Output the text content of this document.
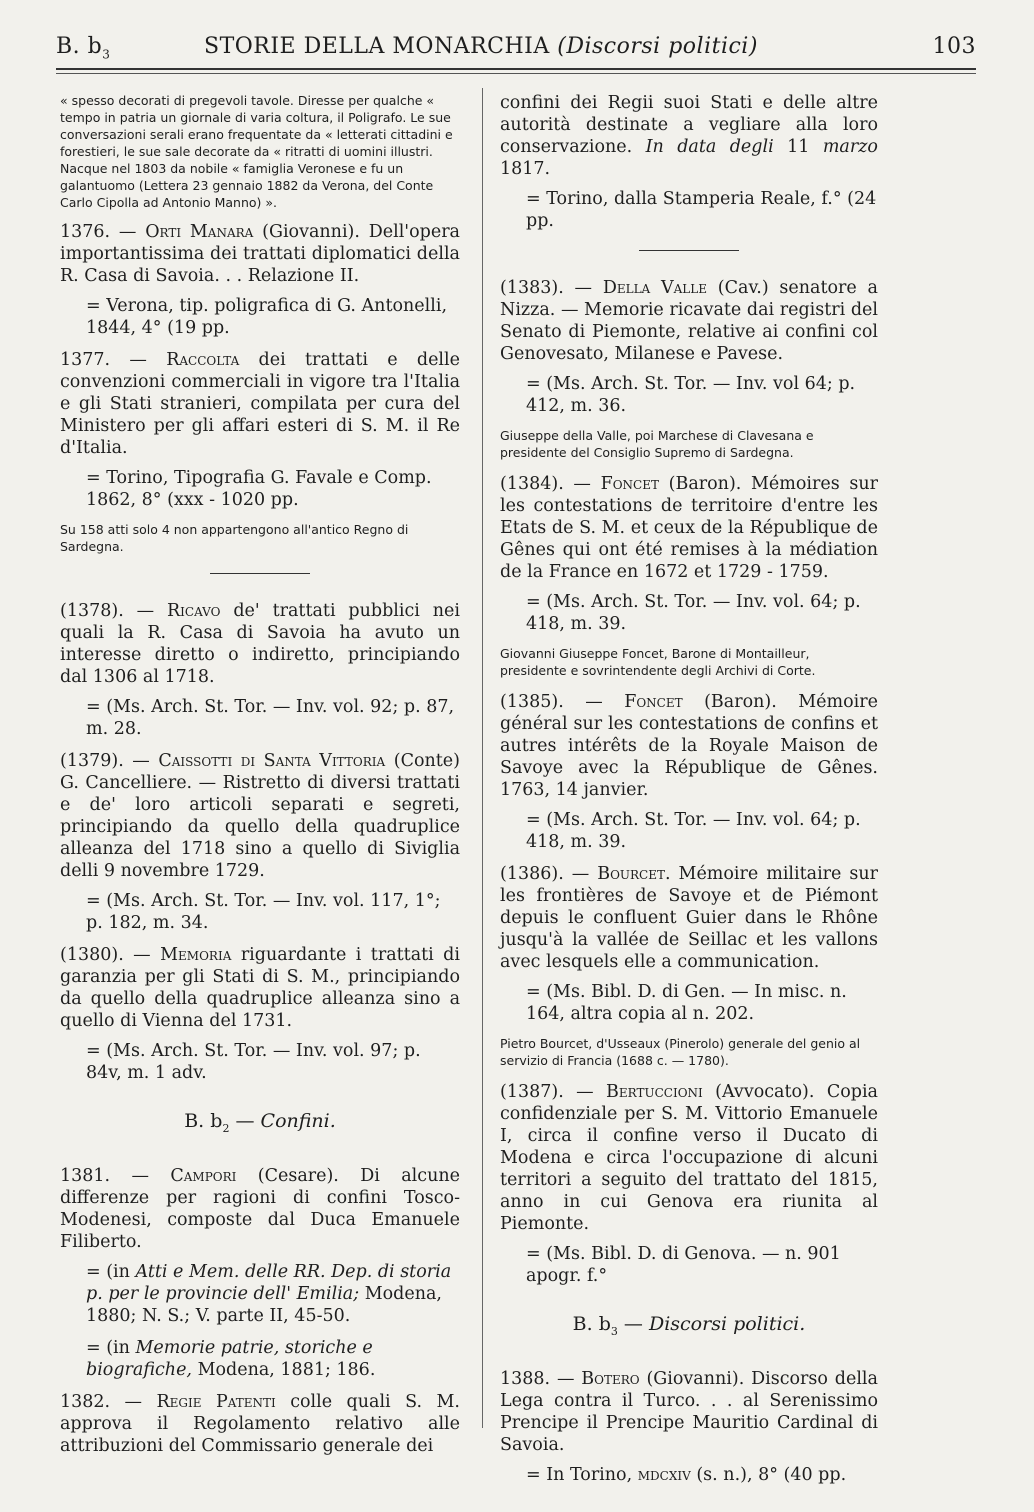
B. $b_3$	STORIE DELLA MONARCHIA (Discorsi politici)	103

« spesso decorati di pregevoli tavole. Diresse per qualche « tempo in patria un giornale di varia coltura, il Poligrafo. Le sue conversazioni serali erano frequentate da « letterati cittadini e forestieri, le sue sale decorate da « ritratti di uomini illustri. Nacque nel 1803 da nobile « famiglia Veronese e fu un galantuomo (Lettera 23 gennaio 1882 da Verona, del Conte Carlo Cipolla ad Antonio Manno) ».

1376. — Orti Manara (Giovanni). Dell'opera importantissima dei trattati diplomatici della R. Casa di Savoia. . . Relazione II.

= Verona, tip. poligrafica di G. Antonelli, 1844, 4° (19 pp.

1377. — Raccolta dei trattati e delle convenzioni commerciali in vigore tra l'Italia e gli Stati stranieri, compilata per cura del Ministero per gli affari esteri di S. M. il Re d'Italia.

= Torino, Tipografia G. Favale e Comp. 1862, 8° (xxx - 1020 pp.

Su 158 atti solo 4 non appartengono all'antico Regno di Sardegna.

(1378). — Ricavo de' trattati pubblici nei quali la R. Casa di Savoia ha avuto un interesse diretto o indiretto, principiando dal 1306 al 1718.

= (Ms. Arch. St. Tor. — Inv. vol. 92; p. 87, m. 28.

(1379). — Caissotti di Santa Vittoria (Conte) G. Cancelliere. — Ristretto di diversi trattati e de' loro articoli separati e segreti, principiando da quello della quadruplice alleanza del 1718 sino a quello di Siviglia delli 9 novembre 1729.

= (Ms. Arch. St. Tor. — Inv. vol. 117, 1°; p. 182, m. 34.

(1380). — Memoria riguardante i trattati di garanzia per gli Stati di S. M., principiando da quello della quadruplice alleanza sino a quello di Vienna del 1731.

= (Ms. Arch. St. Tor. — Inv. vol. 97; p. 84v, m. 1 adv.

B. $b_2$ — Confini.

1381. — Campori (Cesare). Di alcune differenze per ragioni di confini Tosco-Modenesi, composte dal Duca Emanuele Filiberto.

= (in Atti e Mem. delle RR. Dep. di storia p. per le provincie dell' Emilia; Modena, 1880; N. S.; V. parte II, 45-50.

= (in Memorie patrie, storiche e biografiche, Modena, 1881; 186.

1382. — Regie Patenti colle quali S. M. approva il Regolamento relativo alle attribuzioni del Commissario generale dei

confini dei Regii suoi Stati e delle altre autorità destinate a vegliare alla loro conservazione. In data degli 11 marzo 1817.

= Torino, dalla Stamperia Reale, f.° (24 pp.

(1383). — Della Valle (Cav.) senatore a Nizza. — Memorie ricavate dai registri del Senato di Piemonte, relative ai confini col Genovesato, Milanese e Pavese.

= (Ms. Arch. St. Tor. — Inv. vol 64; p. 412, m. 36.

Giuseppe della Valle, poi Marchese di Clavesana e presidente del Consiglio Supremo di Sardegna.

(1384). — Foncet (Baron). Mémoires sur les contestations de territoire d'entre les Etats de S. M. et ceux de la République de Gênes qui ont été remises à la médiation de la France en 1672 et 1729 - 1759.

= (Ms. Arch. St. Tor. — Inv. vol. 64; p. 418, m. 39.

Giovanni Giuseppe Foncet, Barone di Montailleur, presidente e sovrintendente degli Archivi di Corte.

(1385). — Foncet (Baron). Mémoire général sur les contestations de confins et autres intérêts de la Royale Maison de Savoye avec la République de Gênes. 1763, 14 janvier.

= (Ms. Arch. St. Tor. — Inv. vol. 64; p. 418, m. 39.

(1386). — Bourcet. Mémoire militaire sur les frontières de Savoye et de Piémont depuis le confluent Guier dans le Rhône jusqu'à la vallée de Seillac et les vallons avec lesquels elle a communication.

= (Ms. Bibl. D. di Gen. — In misc. n. 164, altra copia al n. 202.

Pietro Bourcet, d'Usseaux (Pinerolo) generale del genio al servizio di Francia (1688 c. — 1780).

(1387). — Bertuccioni (Avvocato). Copia confidenziale per S. M. Vittorio Emanuele I, circa il confine verso il Ducato di Modena e circa l'occupazione di alcuni territori a seguito del trattato del 1815, anno in cui Genova era riunita al Piemonte.

= (Ms. Bibl. D. di Genova. — n. 901 apogr. f.°

B. $b_3$ — Discorsi politici.

1388. — Botero (Giovanni). Discorso della Lega contra il Turco. . . al Serenissimo Prencipe il Prencipe Mauritio Cardinal di Savoia.

= In Torino, mdcxiv (s. n.), 8° (40 pp.
